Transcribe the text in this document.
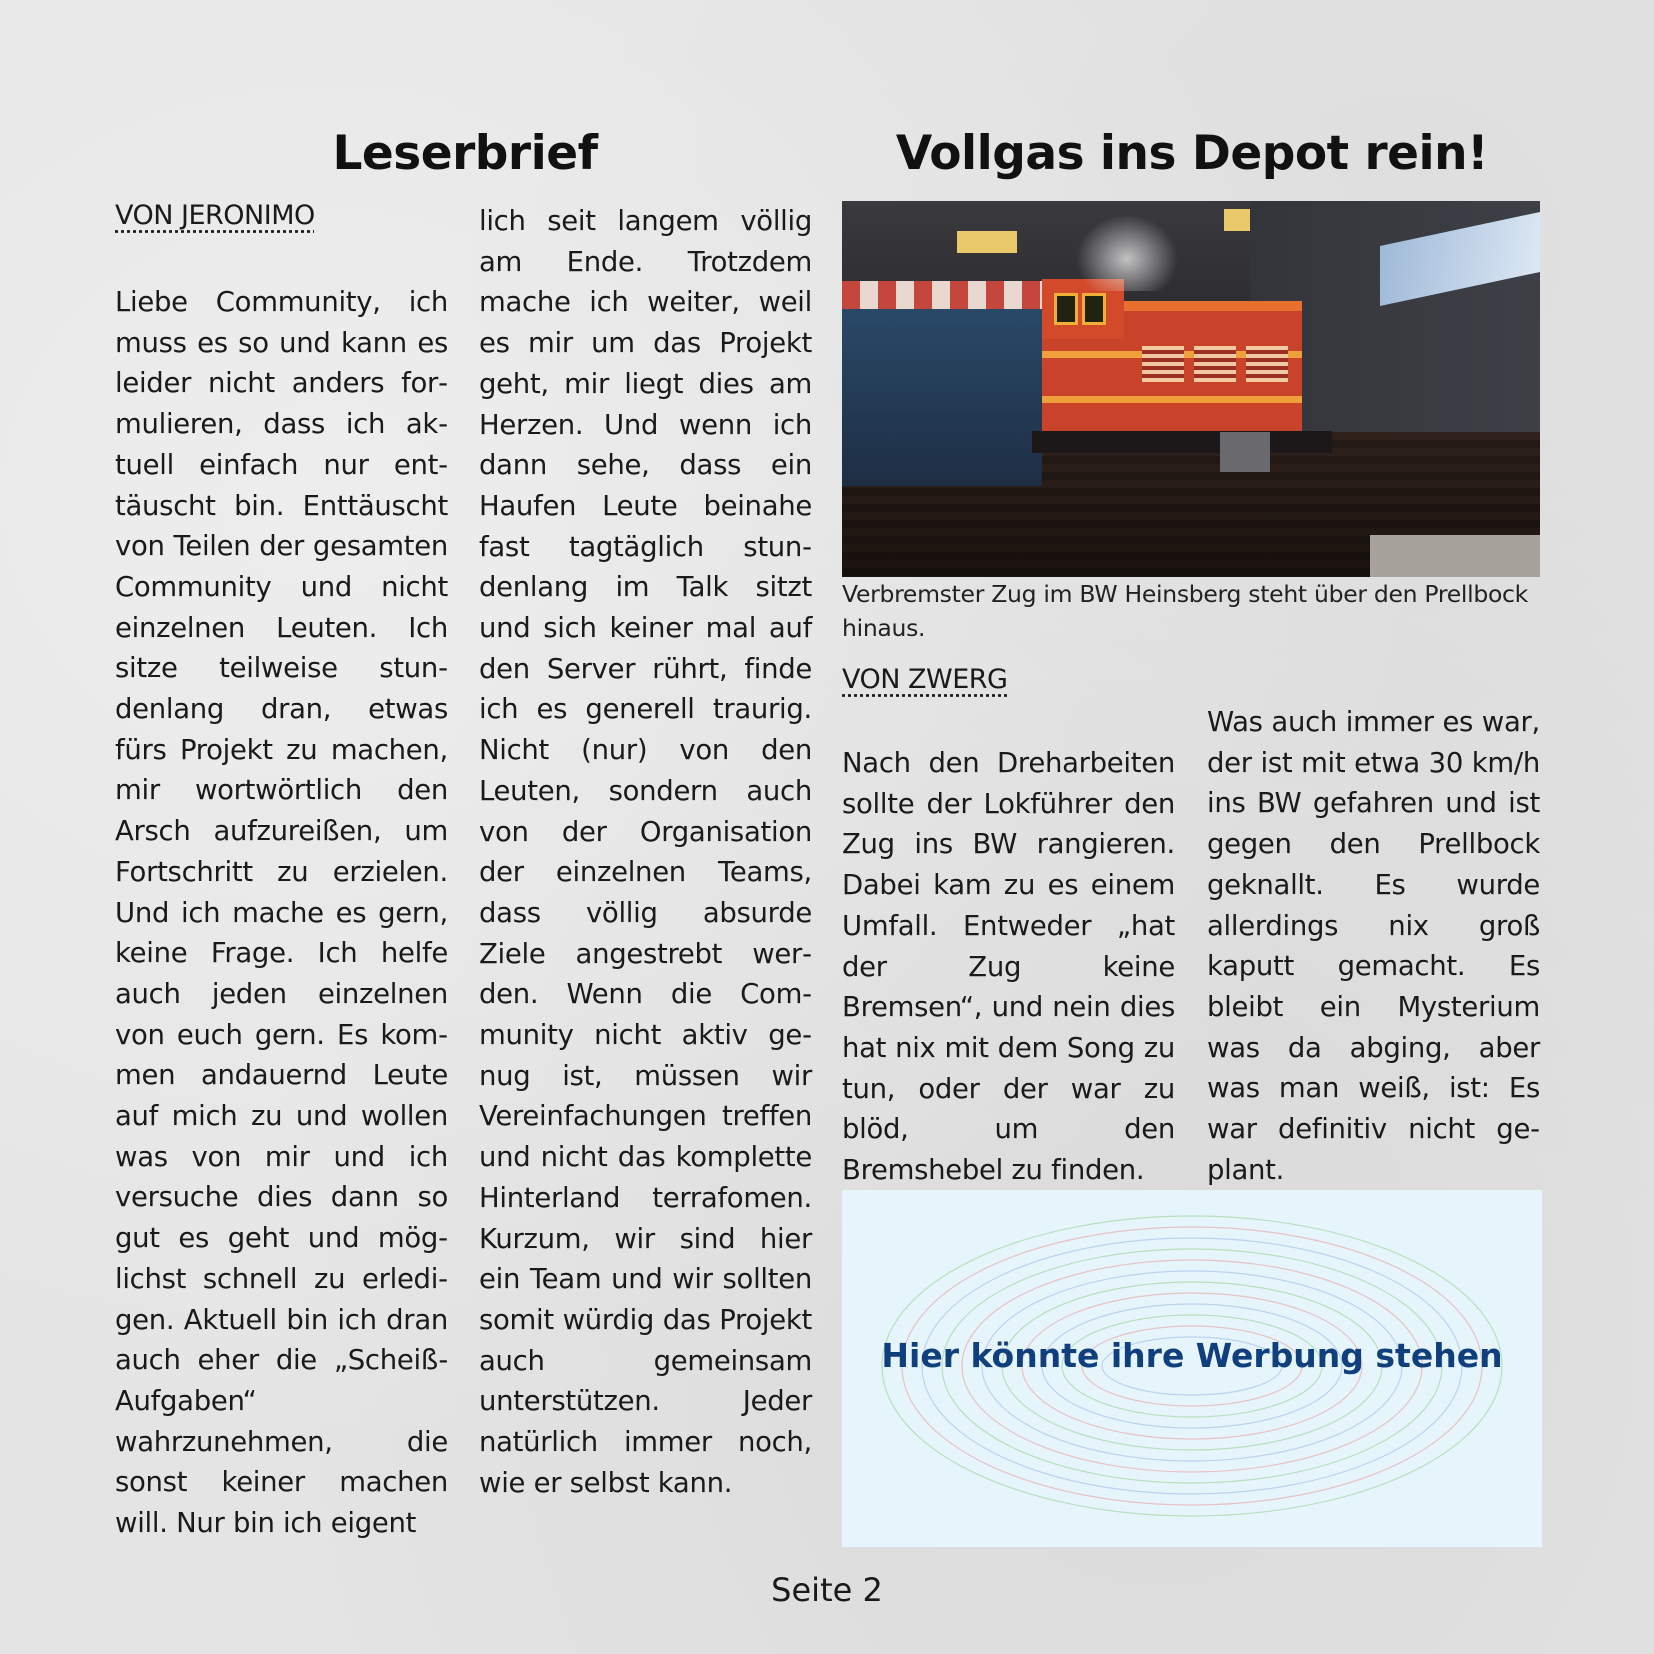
Leserbrief
VON JERONIMO

Liebe Community, ich muss es so und kann es leider nicht anders formulieren, dass ich aktuell einfach nur enttäuscht bin. Enttäuscht von Teilen der gesamten Community und nicht einzelnen Leuten. Ich sitze teilweise stundenlang dran, etwas fürs Projekt zu machen, mir wortwörtlich den Arsch aufzureißen, um Fortschritt zu erzielen. Und ich mache es gern, keine Frage. Ich helfe auch jeden einzelnen von euch gern. Es kommen andauernd Leute auf mich zu und wollen was von mir und ich versuche dies dann so gut es geht und möglichst schnell zu erledigen. Aktuell bin ich dran auch eher die „Scheiß-Aufgaben“ wahrzunehmen, die sonst keiner machen will. Nur bin ich eigent

lich seit langem völlig am Ende. Trotzdem mache ich weiter, weil es mir um das Projekt geht, mir liegt dies am Herzen. Und wenn ich dann sehe, dass ein Haufen Leute beinahe fast tagtäglich stundenlang im Talk sitzt und sich keiner mal auf den Server rührt, finde ich es generell traurig. Nicht (nur) von den Leuten, sondern auch von der Organisation der einzelnen Teams, dass völlig absurde Ziele angestrebt werden. Wenn die Community nicht aktiv genug ist, müssen wir Vereinfachungen treffen und nicht das komplette Hinterland terrafomen. Kurzum, wir sind hier ein Team und wir sollten somit würdig das Projekt auch gemeinsam unterstützen. Jeder natürlich immer noch, wie er selbst kann.

Vollgas ins Depot rein!
Verbremster Zug im BW Heinsberg steht über den Prellbock hinaus.
VON ZWERG

Nach den Dreharbeiten sollte der Lokführer den Zug ins BW rangieren. Dabei kam zu es einem Umfall. Entweder „hat der Zug keine Bremsen“, und nein dies hat nix mit dem Song zu tun, oder der war zu blöd, um den Bremshebel zu finden.

Was auch immer es war, der ist mit etwa 30 km/h ins BW gefahren und ist gegen den Prellbock geknallt. Es wurde allerdings nix groß kaputt gemacht. Es bleibt ein Mysterium was da abging, aber was man weiß, ist: Es war definitiv nicht geplant.

Hier könnte ihre Werbung stehen
Seite 2
